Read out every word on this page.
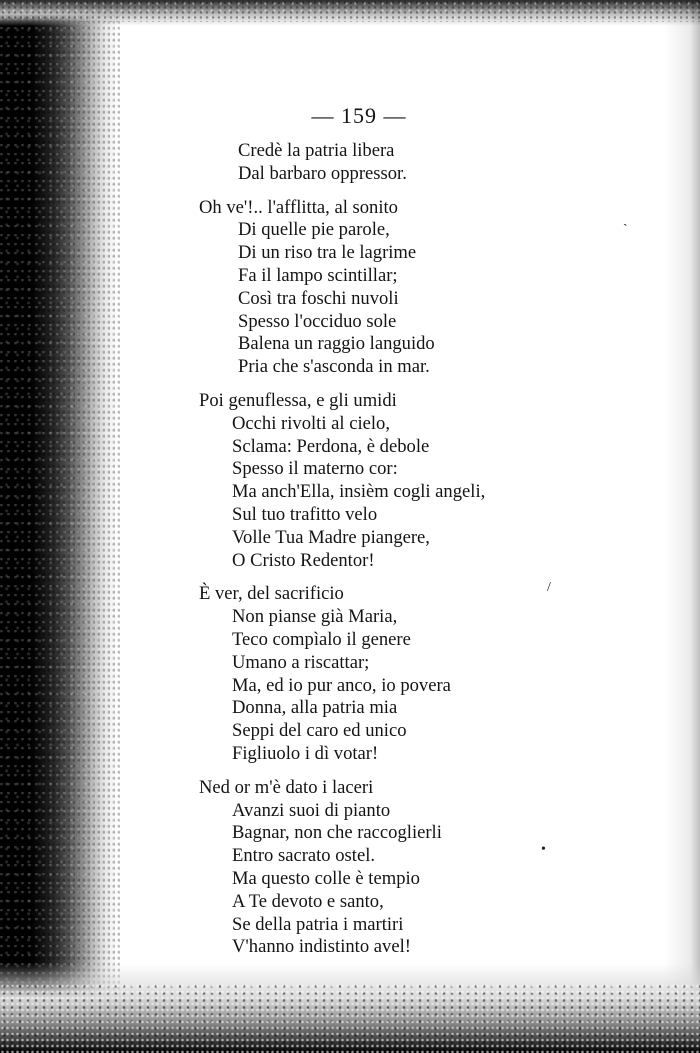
— 159 —

Credè la patria libera

Dal barbaro oppressor.

Oh ve'!.. l'afflitta, al sonito

Di quelle pie parole,

Di un riso tra le lagrime

Fa il lampo scintillar;

Così tra foschi nuvoli

Spesso l'occiduo sole

Balena un raggio languido

Pria che s'asconda in mar.

Poi genuflessa, e gli umidi

Occhi rivolti al cielo,

Sclama: Perdona, è debole

Spesso il materno cor:

Ma anch'Ella, insièm cogli angeli,

Sul tuo trafitto velo

Volle Tua Madre piangere,

O Cristo Redentor!

È ver, del sacrificio

Non pianse già Maria,

Teco compìalo il genere

Umano a riscattar;

Ma, ed io pur anco, io povera

Donna, alla patria mia

Seppi del caro ed unico

Figliuolo i dì votar!

Ned or m'è dato i laceri

Avanzi suoi di pianto

Bagnar, non che raccoglierli

Entro sacrato ostel.

Ma questo colle è tempio

A Te devoto e santo,

Se della patria i martiri

V'hanno indistinto avel!

ˏ
/
•
